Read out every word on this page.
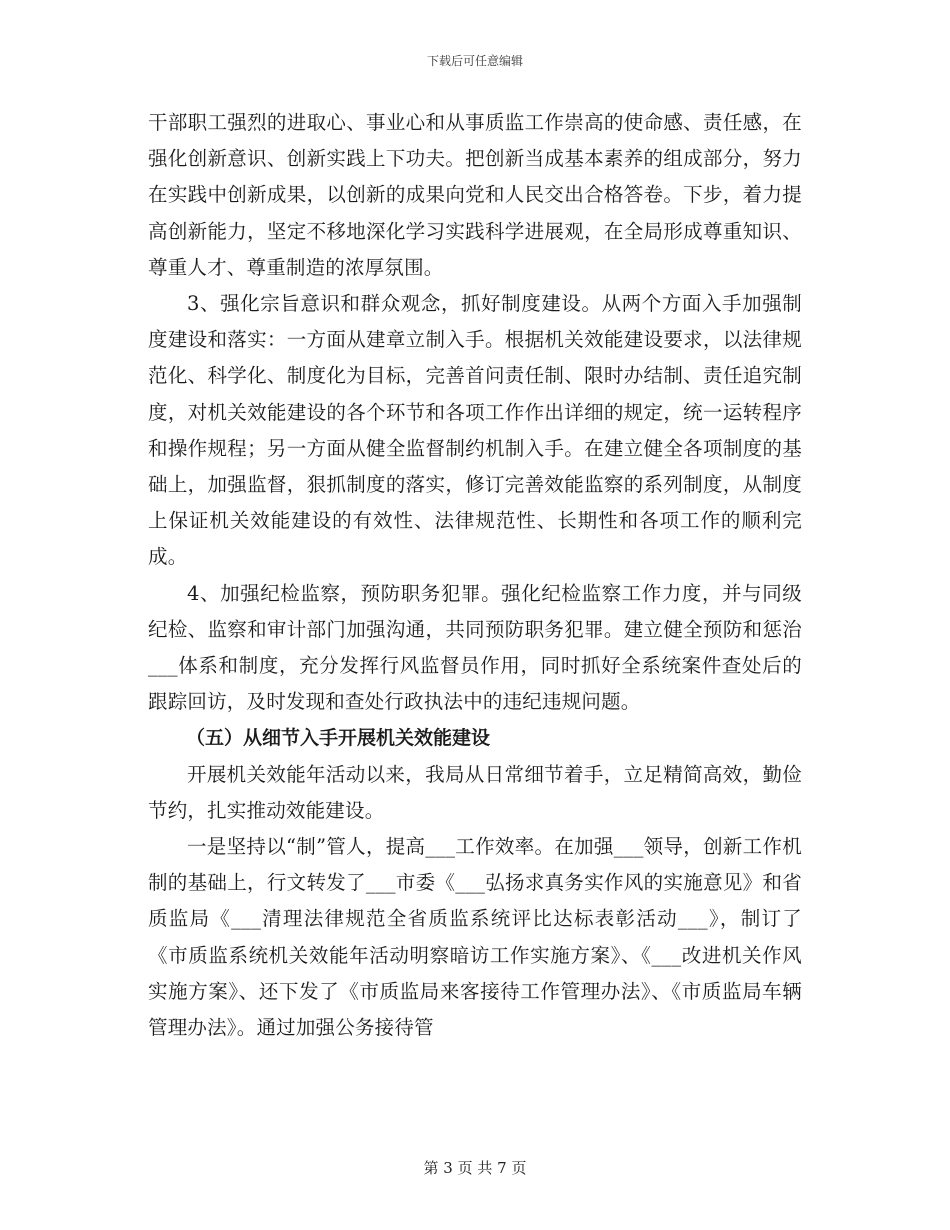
下载后可任意编辑

干部职工强烈的进取心、事业心和从事质监工作崇高的使命感、责任感，在强化创新意识、创新实践上下功夫。把创新当成基本素养的组成部分，努力在实践中创新成果，以创新的成果向党和人民交出合格答卷。下步，着力提高创新能力，坚定不移地深化学习实践科学进展观，在全局形成尊重知识、尊重人才、尊重制造的浓厚氛围。

3、强化宗旨意识和群众观念，抓好制度建设。从两个方面入手加强制度建设和落实：一方面从建章立制入手。根据机关效能建设要求，以法律规范化、科学化、制度化为目标，完善首问责任制、限时办结制、责任追究制度，对机关效能建设的各个环节和各项工作作出详细的规定，统一运转程序和操作规程；另一方面从健全监督制约机制入手。在建立健全各项制度的基础上，加强监督，狠抓制度的落实，修订完善效能监察的系列制度，从制度上保证机关效能建设的有效性、法律规范性、长期性和各项工作的顺利完成。

4、加强纪检监察，预防职务犯罪。强化纪检监察工作力度，并与同级纪检、监察和审计部门加强沟通，共同预防职务犯罪。建立健全预防和惩治___体系和制度，充分发挥行风监督员作用，同时抓好全系统案件查处后的跟踪回访，及时发现和查处行政执法中的违纪违规问题。

（五）从细节入手开展机关效能建设

开展机关效能年活动以来，我局从日常细节着手，立足精简高效，勤俭节约，扎实推动效能建设。

一是坚持以“制”管人，提高___工作效率。在加强___领导，创新工作机制的基础上，行文转发了___市委《___弘扬求真务实作风的实施意见》和省质监局《___清理法律规范全省质监系统评比达标表彰活动___》，制订了《市质监系统机关效能年活动明察暗访工作实施方案》、《___改进机关作风实施方案》、还下发了《市质监局来客接待工作管理办法》、《市质监局车辆管理办法》。通过加强公务接待管

第 3 页 共 7 页
